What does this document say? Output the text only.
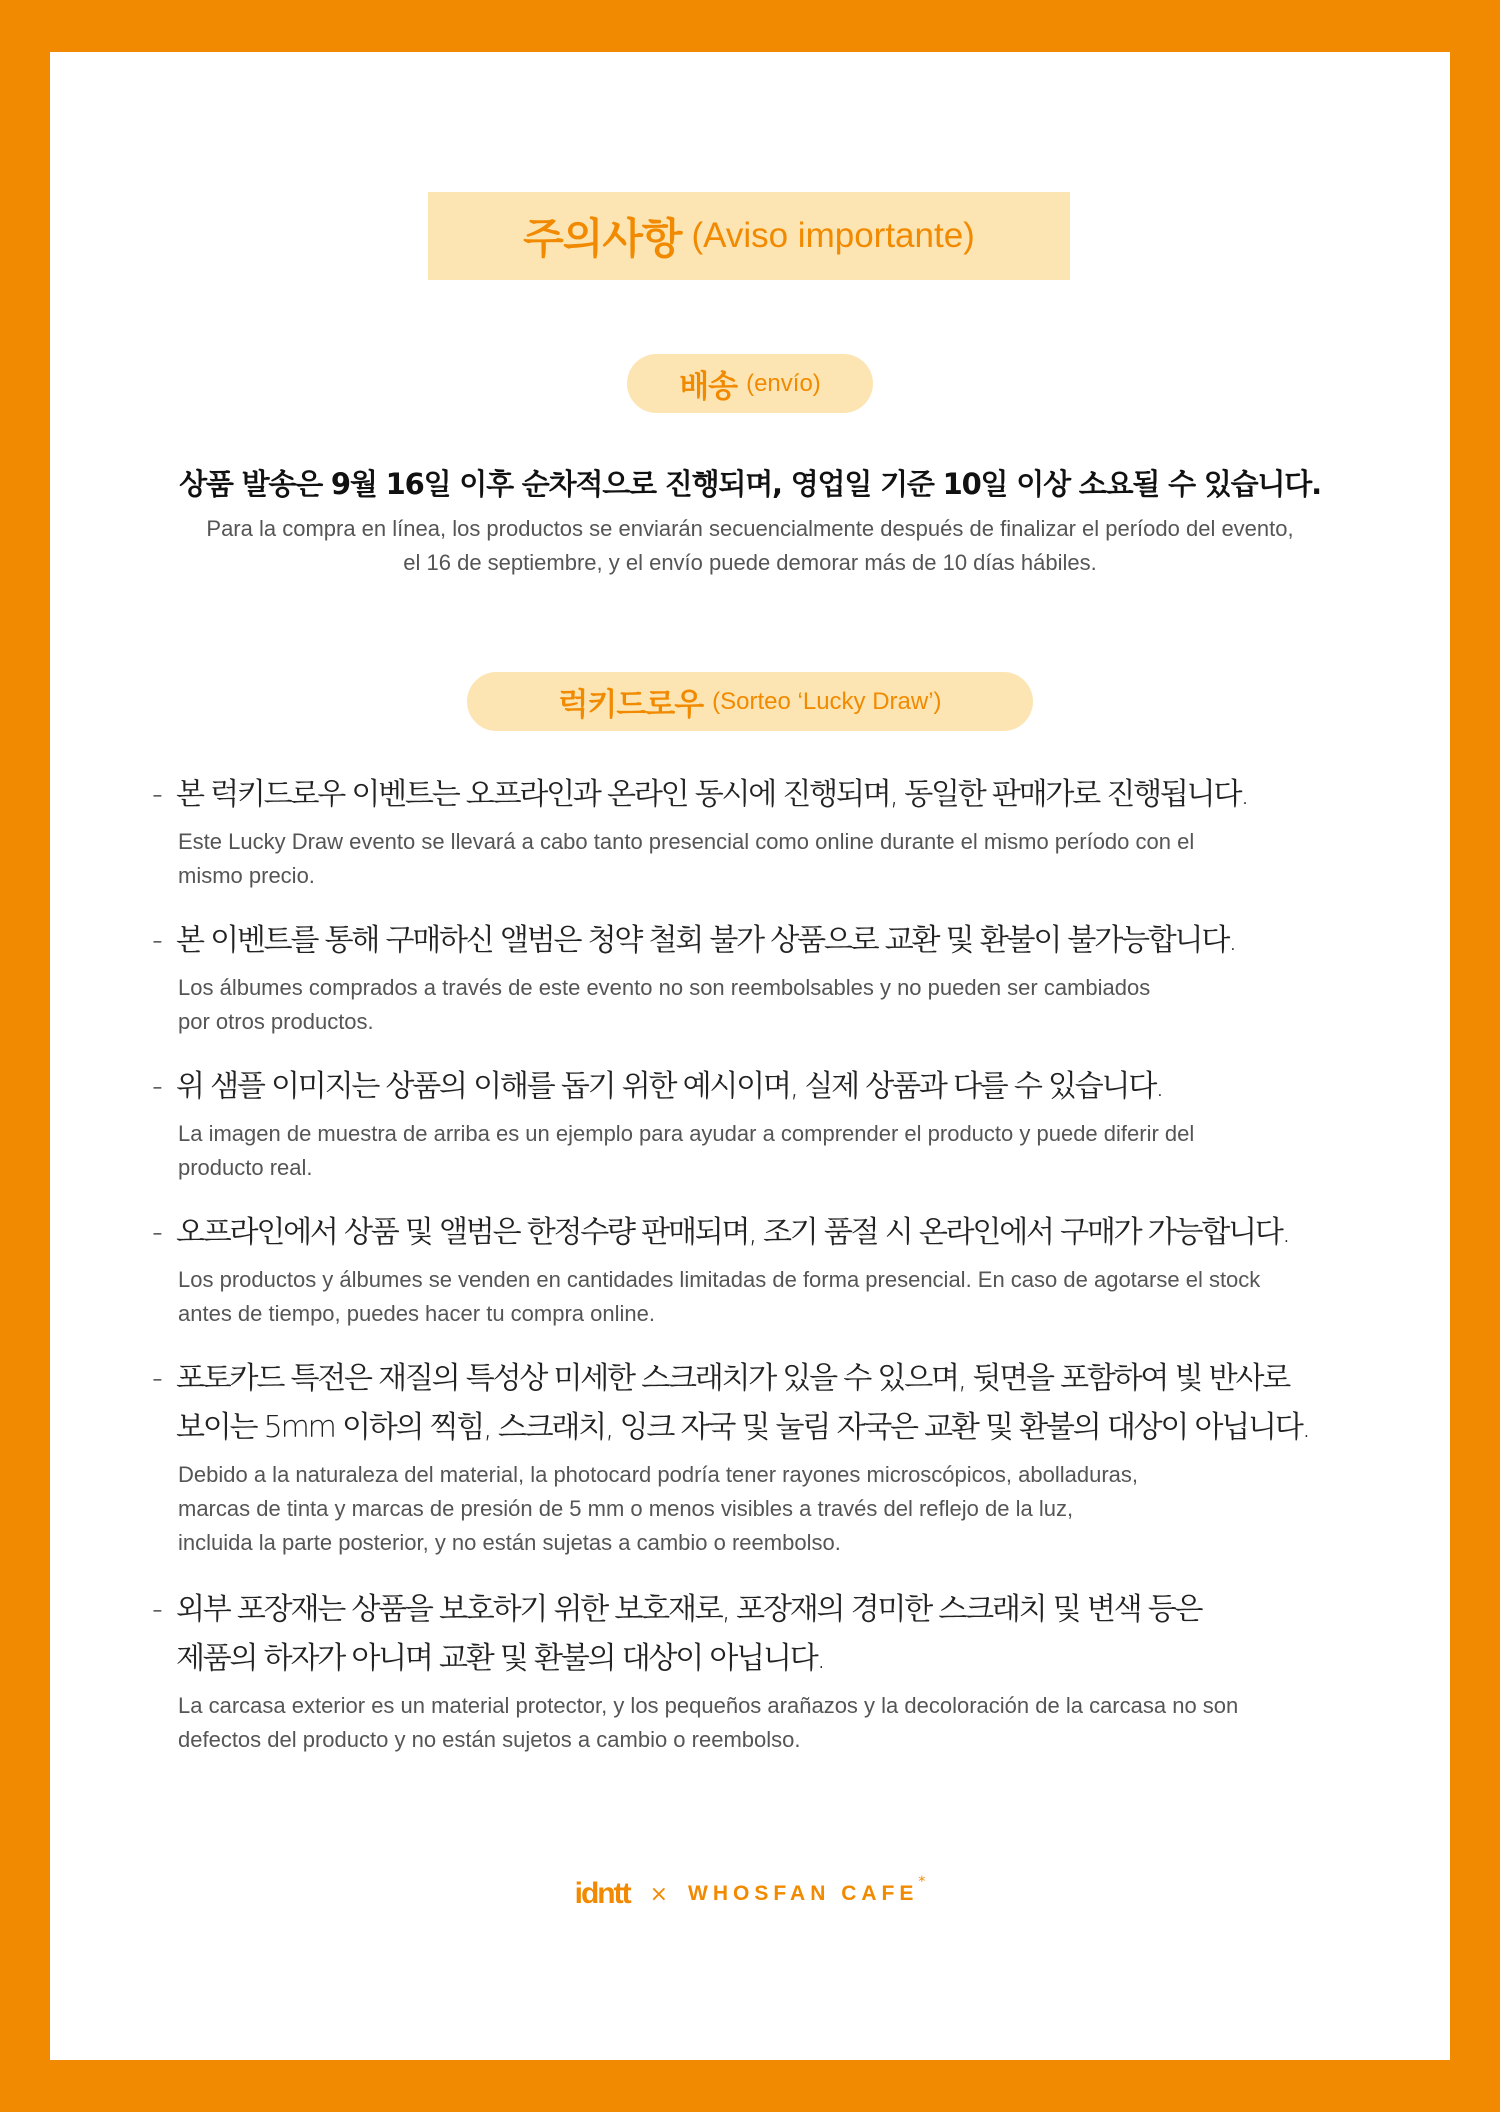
주의사항 (Aviso importante)
배송 (envío)
상품 발송은 9월 16일 이후 순차적으로 진행되며, 영업일 기준 10일 이상 소요될 수 있습니다.
Para la compra en línea, los productos se enviarán secuencialmente después de finalizar el período del evento,
el 16 de septiembre, y el envío puede demorar más de 10 días hábiles.
럭키드로우 (Sorteo ‘Lucky Draw’)
- 본 럭키드로우 이벤트는 오프라인과 온라인 동시에 진행되며, 동일한 판매가로 진행됩니다.
Este Lucky Draw evento se llevará a cabo tanto presencial como online durante el mismo período con el
mismo precio.
- 본 이벤트를 통해 구매하신 앨범은 청약 철회 불가 상품으로 교환 및 환불이 불가능합니다.
Los álbumes comprados a través de este evento no son reembolsables y no pueden ser cambiados
por otros productos.
- 위 샘플 이미지는 상품의 이해를 돕기 위한 예시이며, 실제 상품과 다를 수 있습니다.
La imagen de muestra de arriba es un ejemplo para ayudar a comprender el producto y puede diferir del
producto real.
- 오프라인에서 상품 및 앨범은 한정수량 판매되며, 조기 품절 시 온라인에서 구매가 가능합니다.
Los productos y álbumes se venden en cantidades limitadas de forma presencial. En caso de agotarse el stock
antes de tiempo, puedes hacer tu compra online.
- 포토카드 특전은 재질의 특성상 미세한 스크래치가 있을 수 있으며, 뒷면을 포함하여 빛 반사로
보이는 5mm 이하의 찍힘, 스크래치, 잉크 자국 및 눌림 자국은 교환 및 환불의 대상이 아닙니다.
Debido a la naturaleza del material, la photocard podría tener rayones microscópicos, abolladuras,
marcas de tinta y marcas de presión de 5 mm o menos visibles a través del reflejo de la luz,
incluida la parte posterior, y no están sujetas a cambio o reembolso.
- 외부 포장재는 상품을 보호하기 위한 보호재로, 포장재의 경미한 스크래치 및 변색 등은
제품의 하자가 아니며 교환 및 환불의 대상이 아닙니다.
La carcasa exterior es un material protector, y los pequeños arañazos y la decoloración de la carcasa no son
defectos del producto y no están sujetos a cambio o reembolso.
idntt × WHOSFAN CAFE *
